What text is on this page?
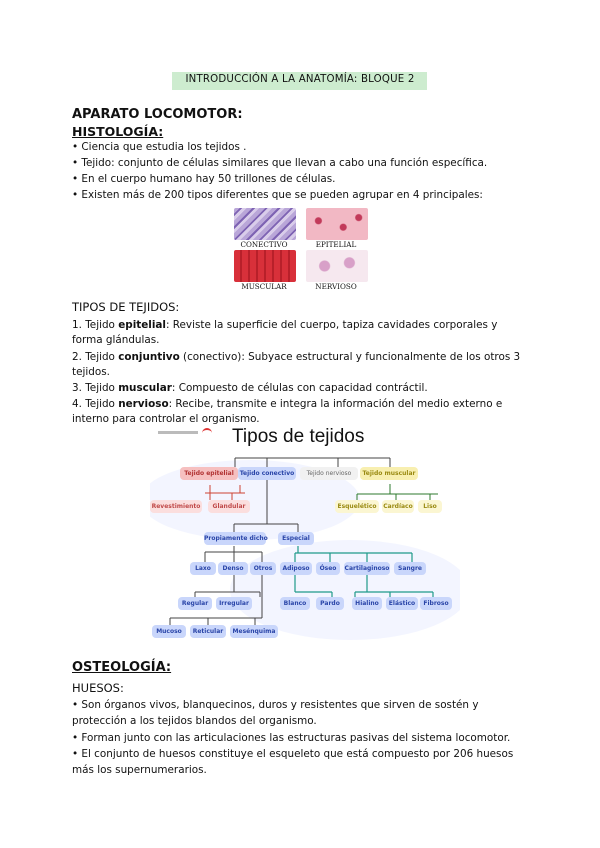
INTRODUCCIÓN A LA ANATOMÍA: BLOQUE 2
APARATO LOCOMOTOR:
HISTOLOGÍA:
• Ciencia que estudia los tejidos .
• Tejido: conjunto de células similares que llevan a cabo una función específica.
• En el cuerpo humano hay 50 trillones de células.
• Existen más de 200 tipos diferentes que se pueden agrupar en 4 principales:
CONECTIVO	EPITELIAL
MUSCULAR	NERVIOSO
TIPOS DE TEJIDOS:
1. Tejido epitelial: Reviste la superficie del cuerpo, tapiza cavidades corporales y
forma glándulas.
2. Tejido conjuntivo (conectivo): Subyace estructural y funcionalmente de los otros 3
tejidos.
3. Tejido muscular: Compuesto de células con capacidad contráctil.
4. Tejido nervioso: Recibe, transmite e integra la información del medio externo e
interno para controlar el organismo.

Tipos de tejidos
Tejido epitelial Tejido conectivo	Tejido nervioso	Tejido muscular
Revestimiento	Glandular	Esquelético	Cardíaco	Liso
Propiamente dicho	Especial
Laxo	Denso	Otros	Adiposo	Óseo	Cartilaginoso	Sangre
Regular	Irregular	Blanco	Pardo	Hialino	Elástico	Fibroso
Mucoso	Reticular	Mesénquima
OSTEOLOGÍA:
HUESOS:
• Son órganos vivos, blanquecinos, duros y resistentes que sirven de sostén y
protección a los tejidos blandos del organismo.
• Forman junto con las articulaciones las estructuras pasivas del sistema locomotor.
• El conjunto de huesos constituye el esqueleto que está compuesto por 206 huesos
más los supernumerarios.
